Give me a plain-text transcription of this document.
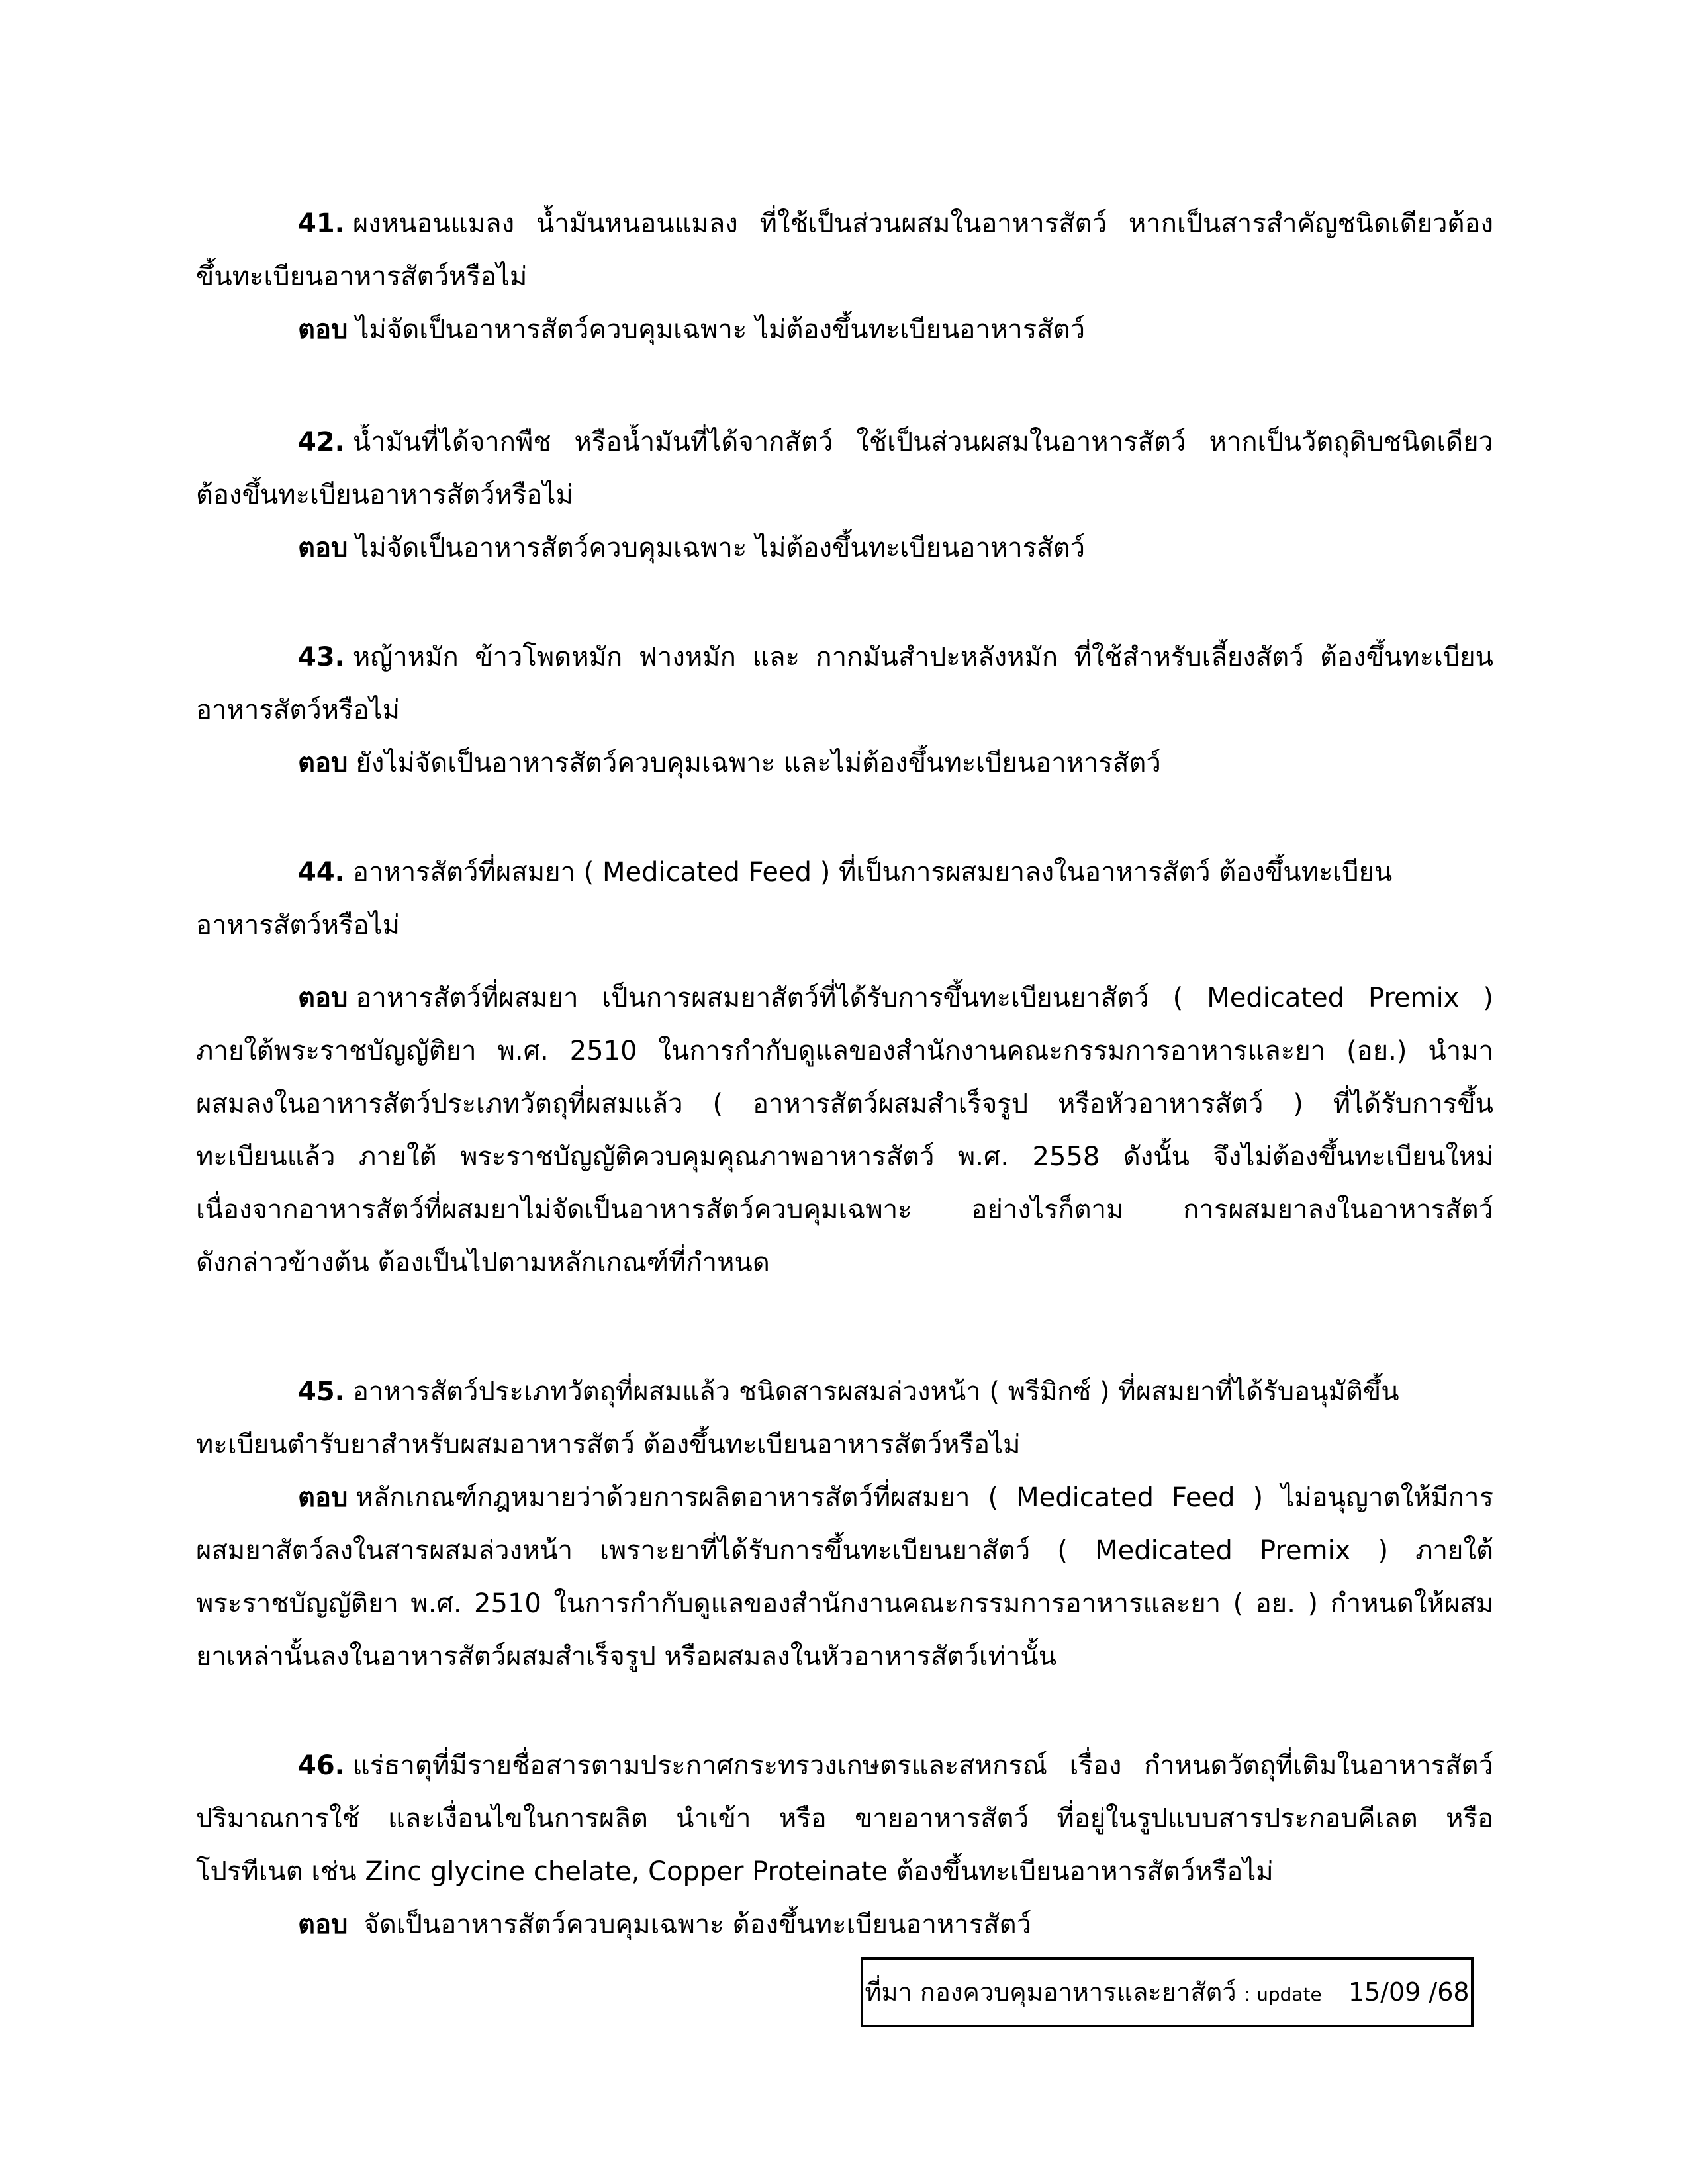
41. ผงหนอนแมลง น้ำมันหนอนแมลง ที่ใช้เป็นส่วนผสมในอาหารสัตว์ หากเป็นสารสำคัญชนิดเดียวต้อง
ขึ้นทะเบียนอาหารสัตว์หรือไม่
ตอบ ไม่จัดเป็นอาหารสัตว์ควบคุมเฉพาะ ไม่ต้องขึ้นทะเบียนอาหารสัตว์
42. น้ำมันที่ได้จากพืช หรือน้ำมันที่ได้จากสัตว์ ใช้เป็นส่วนผสมในอาหารสัตว์ หากเป็นวัตถุดิบชนิดเดียว
ต้องขึ้นทะเบียนอาหารสัตว์หรือไม่
ตอบ ไม่จัดเป็นอาหารสัตว์ควบคุมเฉพาะ ไม่ต้องขึ้นทะเบียนอาหารสัตว์
43. หญ้าหมัก ข้าวโพดหมัก ฟางหมัก และ กากมันสำปะหลังหมัก ที่ใช้สำหรับเลี้ยงสัตว์ ต้องขึ้นทะเบียน
อาหารสัตว์หรือไม่
ตอบ ยังไม่จัดเป็นอาหารสัตว์ควบคุมเฉพาะ และไม่ต้องขึ้นทะเบียนอาหารสัตว์
44. อาหารสัตว์ที่ผสมยา ( Medicated Feed ) ที่เป็นการผสมยาลงในอาหารสัตว์ ต้องขึ้นทะเบียน
อาหารสัตว์หรือไม่
ตอบ อาหารสัตว์ที่ผสมยา เป็นการผสมยาสัตว์ที่ได้รับการขึ้นทะเบียนยาสัตว์ ( Medicated Premix )
ภายใต้พระราชบัญญัติยา พ.ศ. 2510 ในการกำกับดูแลของสำนักงานคณะกรรมการอาหารและยา (อย.) นำมา
ผสมลงในอาหารสัตว์ประเภทวัตถุที่ผสมแล้ว ( อาหารสัตว์ผสมสำเร็จรูป หรือหัวอาหารสัตว์ ) ที่ได้รับการขึ้น
ทะเบียนแล้ว ภายใต้ พระราชบัญญัติควบคุมคุณภาพอาหารสัตว์ พ.ศ. 2558 ดังนั้น จึงไม่ต้องขึ้นทะเบียนใหม่
เนื่องจากอาหารสัตว์ที่ผสมยาไม่จัดเป็นอาหารสัตว์ควบคุมเฉพาะ อย่างไรก็ตาม การผสมยาลงในอาหารสัตว์
ดังกล่าวข้างต้น ต้องเป็นไปตามหลักเกณฑ์ที่กำหนด
45. อาหารสัตว์ประเภทวัตถุที่ผสมแล้ว ชนิดสารผสมล่วงหน้า ( พรีมิกซ์ ) ที่ผสมยาที่ได้รับอนุมัติขึ้น
ทะเบียนตำรับยาสำหรับผสมอาหารสัตว์ ต้องขึ้นทะเบียนอาหารสัตว์หรือไม่
ตอบ หลักเกณฑ์กฎหมายว่าด้วยการผลิตอาหารสัตว์ที่ผสมยา ( Medicated Feed ) ไม่อนุญาตให้มีการ
ผสมยาสัตว์ลงในสารผสมล่วงหน้า เพราะยาที่ได้รับการขึ้นทะเบียนยาสัตว์ ( Medicated Premix ) ภายใต้
พระราชบัญญัติยา พ.ศ. 2510 ในการกำกับดูแลของสำนักงานคณะกรรมการอาหารและยา ( อย. ) กำหนดให้ผสม
ยาเหล่านั้นลงในอาหารสัตว์ผสมสำเร็จรูป หรือผสมลงในหัวอาหารสัตว์เท่านั้น
46. แร่ธาตุที่มีรายชื่อสารตามประกาศกระทรวงเกษตรและสหกรณ์ เรื่อง กำหนดวัตถุที่เติมในอาหารสัตว์
ปริมาณการใช้ และเงื่อนไขในการผลิต นำเข้า หรือ ขายอาหารสัตว์ ที่อยู่ในรูปแบบสารประกอบคีเลต หรือ
โปรทีเนต เช่น Zinc glycine chelate, Copper Proteinate ต้องขึ้นทะเบียนอาหารสัตว์หรือไม่
ตอบ จัดเป็นอาหารสัตว์ควบคุมเฉพาะ ต้องขึ้นทะเบียนอาหารสัตว์
ที่มา กองควบคุมอาหารและยาสัตว์ : update 15/09 /68
